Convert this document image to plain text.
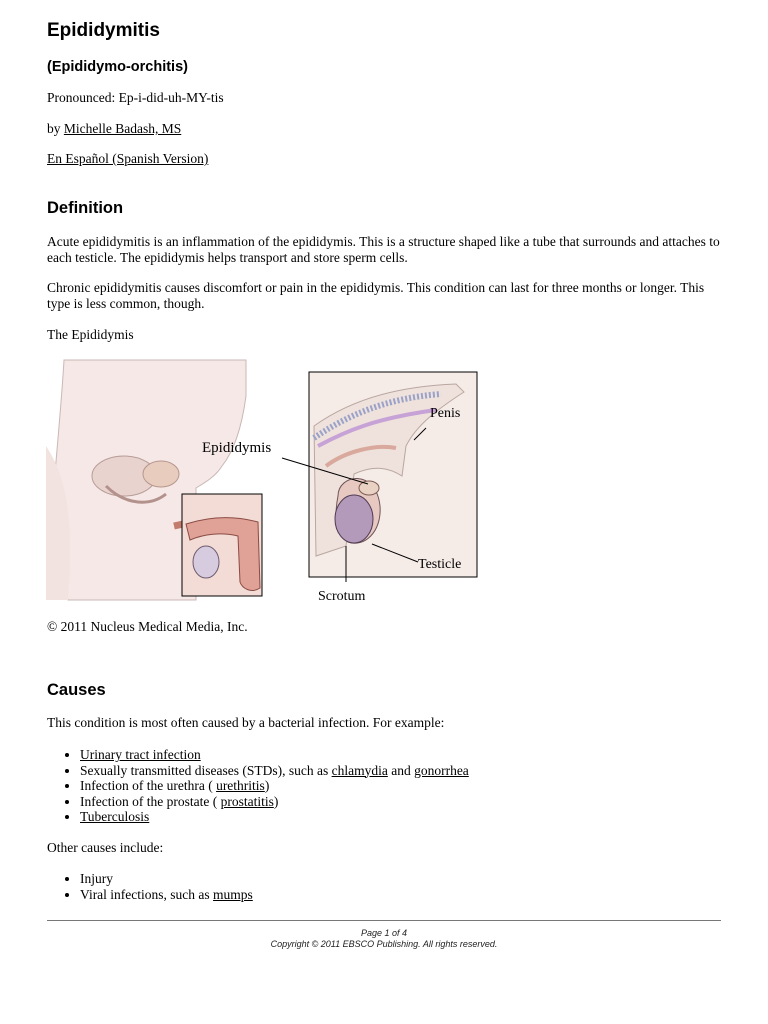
Epididymitis
(Epididymo-orchitis)
Pronounced: Ep-i-did-uh-MY-tis
by Michelle Badash, MS
En Español (Spanish Version)
Definition
Acute epididymitis is an inflammation of the epididymis. This is a structure shaped like a tube that surrounds and attaches to each testicle. The epididymis helps transport and store sperm cells.
Chronic epididymitis causes discomfort or pain in the epididymis. This condition can last for three months or longer. This type is less common, though.
The Epididymis
Epididymis
Penis
Testicle
Scrotum
© 2011 Nucleus Medical Media, Inc.
Causes
This condition is most often caused by a bacterial infection. For example:
• Urinary tract infection
• Sexually transmitted diseases (STDs), such as chlamydia and gonorrhea
• Infection of the urethra ( urethritis)
• Infection of the prostate ( prostatitis)
• Tuberculosis
Other causes include:
• Injury
• Viral infections, such as mumps
Page 1 of 4
Copyright © 2011 EBSCO Publishing. All rights reserved.
